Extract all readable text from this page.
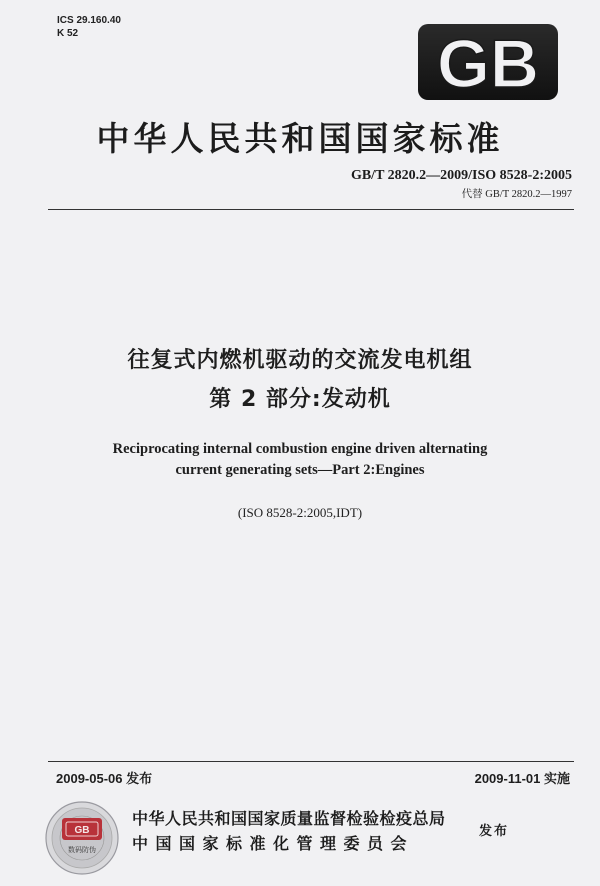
ICS 29.160.40
K 52	GB
中华人民共和国国家标准
GB/T 2820.2—2009/ISO 8528-2:2005
代替 GB/T 2820.2—1997
往复式内燃机驱动的交流发电机组
第 2 部分:发动机
Reciprocating internal combustion engine driven alternating
current generating sets—Part 2:Engines
(ISO 8528-2:2005,IDT)
2009-05-06 发布	2009-11-01 实施
GB
数码防伪
中华人民共和国国家质量监督检验检疫总局
中国国家标准化管理委员会
发布
